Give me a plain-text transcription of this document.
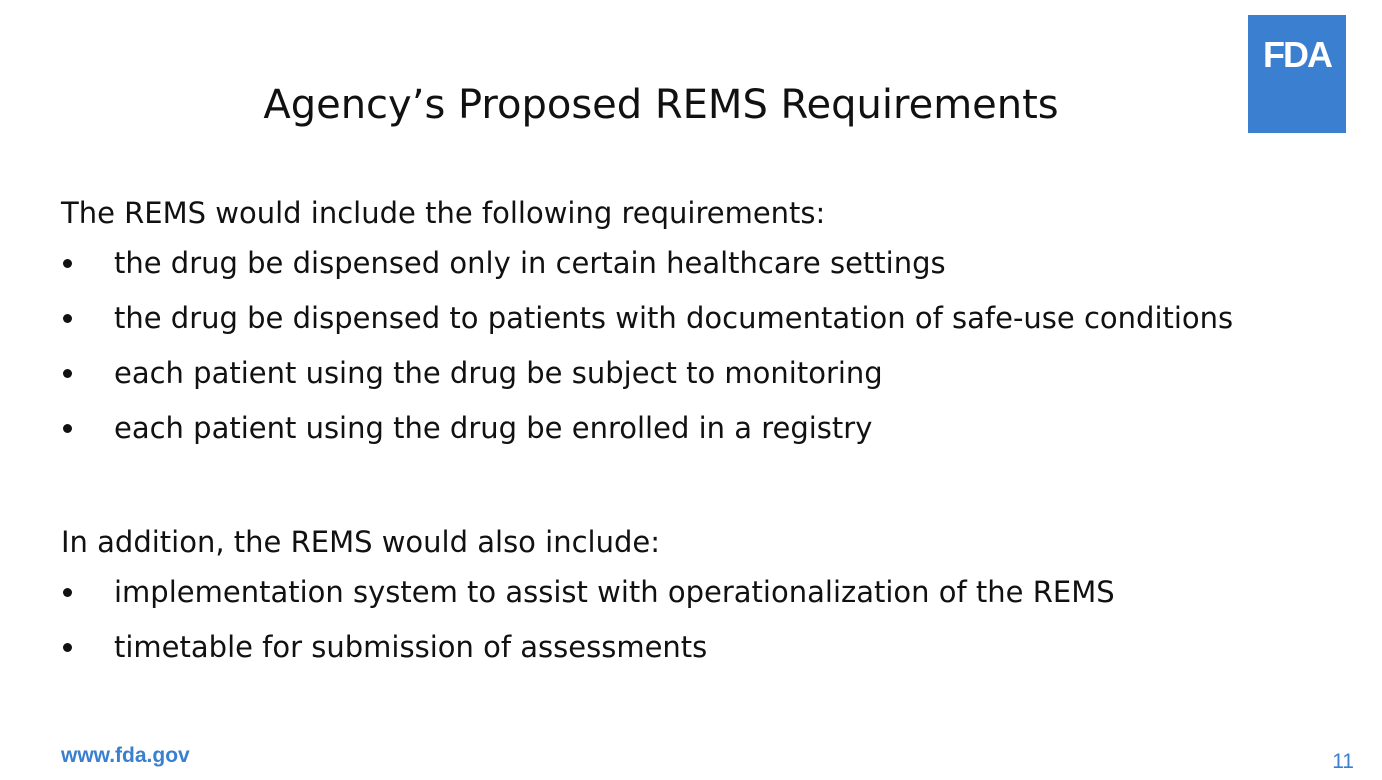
FDA
Agency’s Proposed REMS Requirements
The REMS would include the following requirements:
the drug be dispensed only in certain healthcare settings
the drug be dispensed to patients with documentation of safe-use conditions
each patient using the drug be subject to monitoring
each patient using the drug be enrolled in a registry
In addition, the REMS would also include:
implementation system to assist with operationalization of the REMS
timetable for submission of assessments
www.fda.gov	11
